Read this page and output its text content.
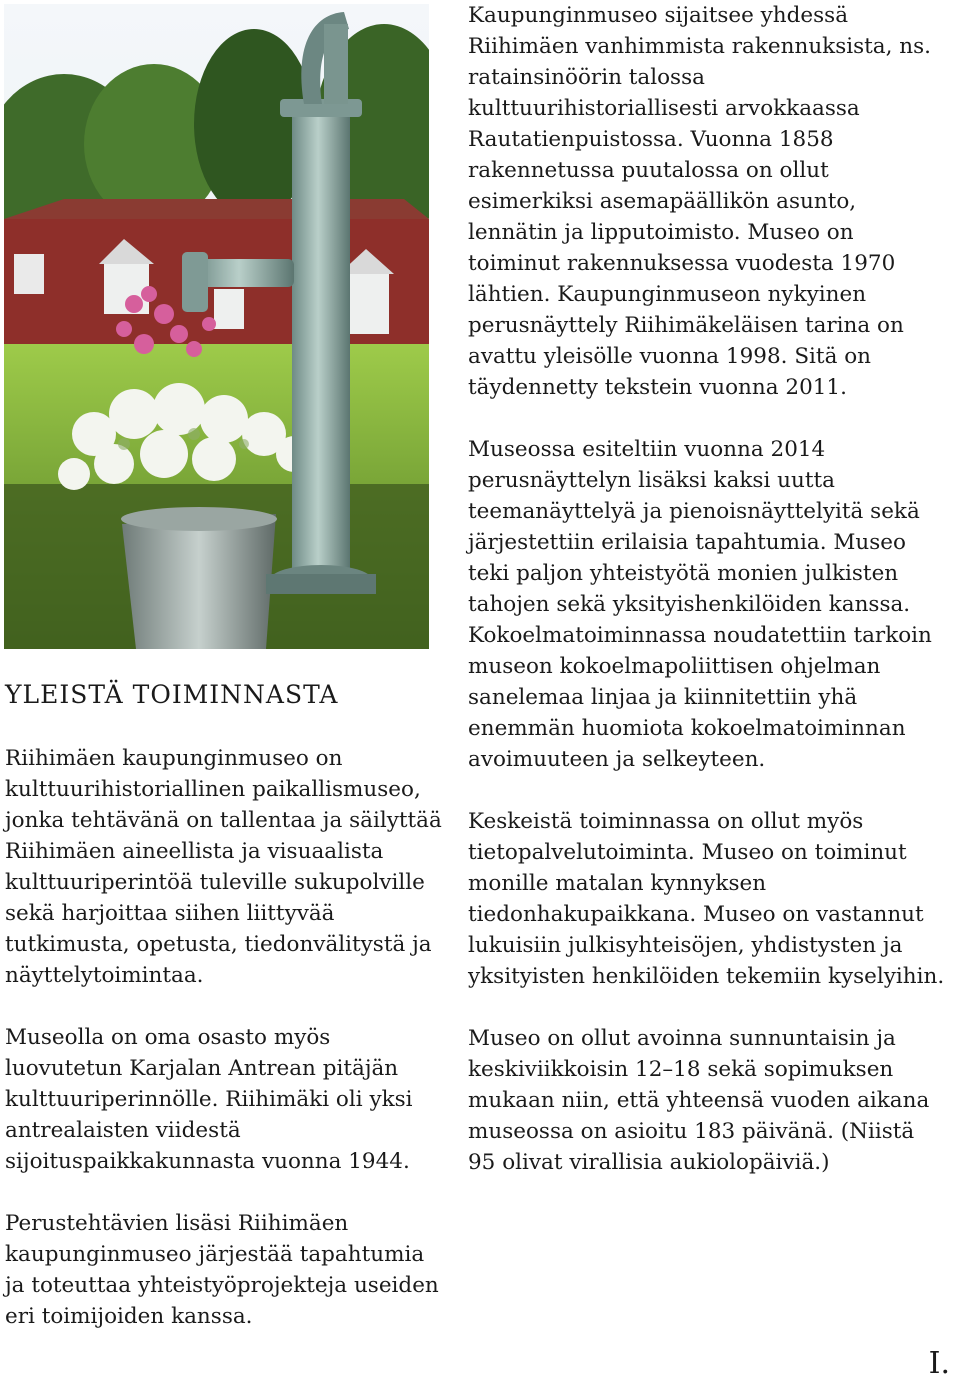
Kaupunginmuseo sijaitsee yhdessä Riihimäen vanhimmista rakennuksista, ns. ratainsinöörin talossa kulttuurihistoriallisesti arvokkaassa Rautatienpuistossa. Vuonna 1858 rakennetussa puutalossa on ollut esimerkiksi asemapäällikön asunto, lennätin ja lipputoimisto. Museo on toiminut rakennuksessa vuodesta 1970 lähtien. Kaupunginmuseon nykyinen perusnäyttely Riihimäkeläisen tarina on avattu yleisölle vuonna 1998. Sitä on täydennetty tekstein vuonna 2011.

Museossa esiteltiin vuonna 2014 perusnäyttelyn lisäksi kaksi uutta teemanäyttelyä ja pienoisnäyttelyitä sekä järjestettiin erilaisia tapahtumia. Museo teki paljon yhteistyötä monien julkisten tahojen sekä yksityishenkilöiden kanssa. Kokoelmatoiminnassa noudatettiin tarkoin museon kokoelmapoliittisen ohjelman sanelemaa linjaa ja kiinnitettiin yhä enemmän huomiota kokoelmatoiminnan avoimuuteen ja selkeyteen.

Keskeistä toiminnassa on ollut myös tietopalvelutoiminta. Museo on toiminut monille matalan kynnyksen tiedonhakupaikkana. Museo on vastannut lukuisiin julkisyhteisöjen, yhdistysten ja yksityisten henkilöiden tekemiin kyselyihin.

Museo on ollut avoinna sunnuntaisin ja keskiviikkoisin 12–18 sekä sopimuksen mukaan niin, että yhteensä vuoden aikana museossa on asioitu 183 päivänä. (Niistä 95 olivat virallisia aukiolopäiviä.)

YLEISTÄ TOIMINNASTA

Riihimäen kaupunginmuseo on kulttuurihistoriallinen paikallismuseo, jonka tehtävänä on tallentaa ja säilyttää Riihimäen aineellista ja visuaalista kulttuuriperintöä tuleville sukupolville sekä harjoittaa siihen liittyvää tutkimusta, opetusta, tiedonvälitystä ja näyttelytoimintaa.

Museolla on oma osasto myös luovutetun Karjalan Antrean pitäjän kulttuuriperinnölle. Riihimäki oli yksi antrealaisten viidestä sijoituspaikkakunnasta vuonna 1944.

Perustehtävien lisäsi Riihimäen kaupunginmuseo järjestää tapahtumia ja toteuttaa yhteistyöprojekteja useiden eri toimijoiden kanssa.

I.
